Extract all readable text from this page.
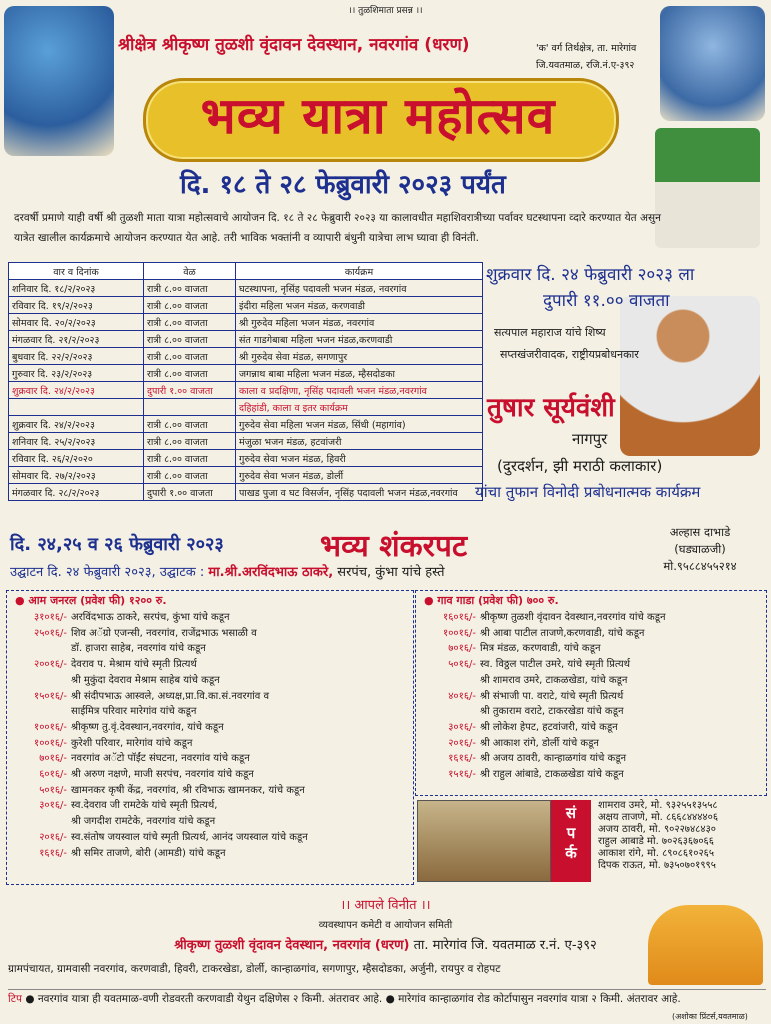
।। तुळशिमाता प्रसन्न ।।
श्रीक्षेत्र श्रीकृष्ण तुळशी वृंदावन देवस्थान, नवरगांव (धरण)	'क' वर्ग तिर्थक्षेत्र, ता. मारेगांव
जि.यवतमाळ, रजि.नं.ए-३९२
भव्य यात्रा महोत्सव
दि. १८ ते २८ फेब्रुवारी २०२३ पर्यंत
दरवर्षी प्रमाणे याही वर्षी श्री तुळशी माता यात्रा महोत्सवाचे आयोजन दि. १८ ते २८ फेब्रुवारी २०२३ या कालावधीत महाशिवरात्रीच्या पर्वावर घटस्थापना व्दारे करण्यात येत असुन यात्रेत खालील कार्यक्रमाचे आयोजन करण्यात येत आहे. तरी भाविक भक्तांनी व व्यापारी बंधुनी यात्रेचा लाभ घ्यावा ही विनंती.
वार व दिनांक	वेळ	कार्यक्रम
शनिवार दि. १८/२/२०२३	रात्री ८.०० वाजता	घटस्थापना, नृसिंह पदावली भजन मंडळ, नवरगांव
रविवार दि. १९/२/२०२३	रात्री ८.०० वाजता	इंदीरा महिला भजन मंडळ, करणवाडी
सोमवार दि. २०/२/२०२३	रात्री ८.०० वाजता	श्री गुरुदेव महिला भजन मंडळ, नवरगांव
मंगळवार दि. २१/२/२०२३	रात्री ८.०० वाजता	संत गाडगेबाबा महिला भजन मंडळ,करणवाडी
बुधवार दि. २२/२/२०२३	रात्री ८.०० वाजता	श्री गुरुदेव सेवा मंडळ, सगणापुर
गुरुवार दि. २३/२/२०२३	रात्री ८.०० वाजता	जगन्नाथ बाबा महिला भजन मंडळ, म्हैसदोडका
शुक्रवार दि. २४/२/२०२३	दुपारी १.०० वाजता	काला व प्रदक्षिणा, नृसिंह पदावली भजन मंडळ,नवरगांव
		दहिहांडी, काला व इतर कार्यक्रम
शुक्रवार दि. २४/२/२०२३	रात्री ८.०० वाजता	गुरुदेव सेवा महिला भजन मंडळ, सिंधी (महागांव)
शनिवार दि. २५/२/२०२३	रात्री ८.०० वाजता	मंजुळा भजन मंडळ, हटवांजरी
रविवार दि. २६/२/२०२०	रात्री ८.०० वाजता	गुरुदेव सेवा भजन मंडळ, हिवरी
सोमवार दि. २७/२/२०२३	रात्री ८.०० वाजता	गुरुदेव सेवा भजन मंडळ, डोर्ली
मंगळवार दि. २८/२/२०२३	दुपारी १.०० वाजता	पाखड पुजा व घट विसर्जन, नृसिंह पदावली भजन मंडळ,नवरगांव
शुक्रवार दि. २४ फेब्रुवारी २०२३ ला
दुपारी ११.०० वाजता
सत्यपाल महाराज यांचे शिष्य
सप्तखंजरीवादक, राष्ट्रीयप्रबोधनकार
तुषार सूर्यवंशी
नागपुर
(दुरदर्शन, झी मराठी कलाकार)
यांचा तुफान विनोदी प्रबोधनात्मक कार्यक्रम
दि. २४,२५ व २६ फेब्रुवारी २०२३	भव्य शंकरपट	अल्हास दाभाडे
(घड्याळजी)
मो.९५८८४५५२१४
उद्घाटन दि. २४ फेब्रुवारी २०२३, उद्घाटक : मा.श्री.अरविंदभाऊ ठाकरे, सरपंच, कुंभा यांचे हस्ते
● आम जनरल (प्रवेश फी) १२०० रु.
३१०१६/- अरविंदभाऊ ठाकरे, सरपंच, कुंभा यांचे कडून
२५०१६/- शिव अॅग्रो एजन्सी, नवरगांव, राजेंद्रभाऊ भसाळी व
डॉ. हाजरा साहेब, नवरगांव यांचे कडून
२००१६/- देवराव प. मेश्राम यांचे स्मृती प्रित्यर्थ
श्री मुकुंदा देवराव मेश्राम साहेब यांचे कडून
१५०१६/- श्री संदीपभाऊ आस्वले, अध्यक्ष,प्रा.वि.का.सं.नवरगांव व
साईमित्र परिवार मारेगांव यांचे कडून
१००१६/- श्रीकृष्ण तु.वृं.देवस्थान,नवरगांव, यांचे कडून
१००१६/- कुरेशी परिवार, मारेगांव यांचे कडून
७०१६/- नवरगांव अॅटो पॉईंट संघटना, नवरगांव यांचे कडून
६०१६/- श्री अरुण नक्षणे, माजी सरपंच, नवरगांव यांचे कडून
५०१६/- खामनकर कृषी केंद्र, नवरगांव, श्री रविभाऊ खामनकर, यांचे कडून
३०१६/- स्व.देवराव जी रामटेके यांचे स्मृती प्रित्यर्थ,
श्री जगदीश रामटेके, नवरगांव यांचे कडून
२०१६/- स्व.संतोष जयस्वाल यांचे स्मृती प्रित्यर्थ, आनंद जयस्वाल यांचे कडून
१६१६/- श्री समिर ताजणे, बोरी (आमडी) यांचे कडून
● गाव गाडा (प्रवेश फी) ७०० रु.
१६०१६/- श्रीकृष्ण तुळशी वृंदावन देवस्थान,नवरगांव यांचे कडून
१००१६/- श्री आबा पाटील ताजणे,करणवाडी, यांचे कडून
७०१६/- मित्र मंडळ, करणवाडी, यांचे कडून
५०१६/- स्व. विठ्ठल पाटील उमरे, यांचे स्मृती प्रित्यर्थ
श्री शामराव उमरे, टाकळखेडा, यांचे कडून
४०१६/- श्री संभाजी पा. वराटे, यांचे स्मृती प्रित्यर्थ
श्री तुकाराम वराटे, टाकरखेडा यांचे कडून
३०१६/- श्री लोकेश हेपट, हटवांजरी, यांचे कडून
२०१६/- श्री आकाश रांगे, डोर्ली यांचे कडून
१६१६/- श्री अजय ठावरी, कान्हाळगांव यांचे कडून
१५१६/- श्री राहुल आंबाडे, टाकळखेडा यांचे कडून
सं
प
र्क
शामराव उमरे, मो. ९३२५५१३५५८
अक्षय ताजणे, मो. ८६६८४४४४०६
अजय ठावरी, मो. ९०२२७४८४३०
राहुल आबाडे मो. ७०२६३६७०६६
आकाश रांगे, मो. ८९०८६१०२६५
दिपक राऊत, मो. ७३५०७०१९९५
।। आपले विनीत ।।
व्यवस्थापन कमेटी व आयोजन समिती
श्रीकृष्ण तुळशी वृंदावन देवस्थान, नवरगांव (धरण) ता. मारेगांव जि. यवतमाळ र.नं. ए-३९२
ग्रामपंचायत, ग्रामवासी नवरगांव, करणवाडी, हिवरी, टाकरखेडा, डोर्ली, कान्हाळगांव, सगणापुर, म्हैसदोडका, अर्जुनी, रायपुर व रोहपट
टिप ● नवरगांव यात्रा ही यवतमाळ-वणी रोडवरती करणवाडी येथुन दक्षिणेस २ किमी. अंतरावर आहे. ● मारेगांव कान्हाळगांव रोड कोर्टापासुन नवरगांव यात्रा २ किमी. अंतरावर आहे.
(अशोका प्रिंटर्स,यवतमाळ)
